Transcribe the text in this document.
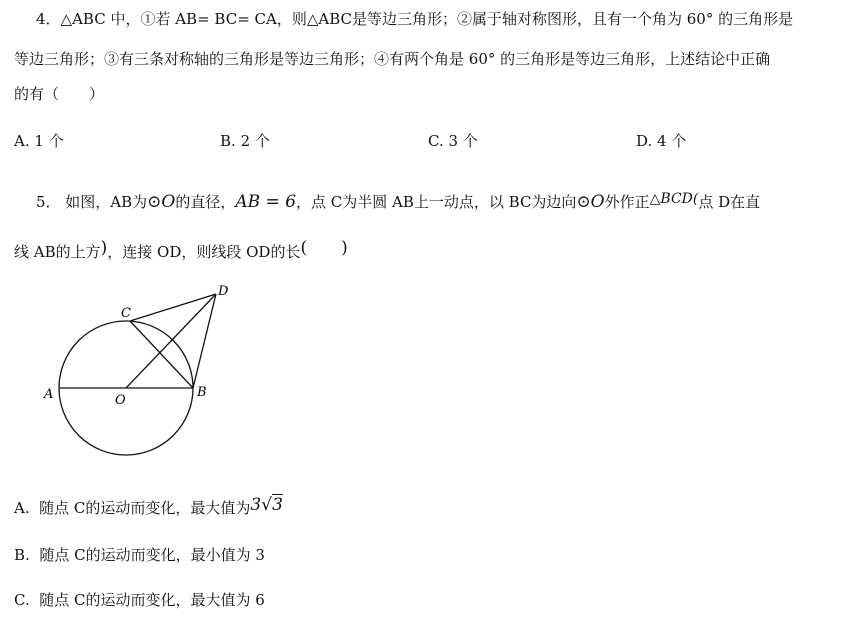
4．△ABC 中，①若 AB= BC= CA，则△ABC是等边三角形；②属于轴对称图形，且有一个角为 60° 的三角形是
等边三角形；③有三条对称轴的三角形是等边三角形；④有两个角是 60° 的三角形是等边三角形，上述结论中正确
的有（　　）
A. 1 个	B. 2 个	C. 3 个	D. 4 个
5． 如图，AB为⊙O的直径，AB = 6，点 C为半圆 AB上一动点，以 BC为边向⊙O外作正△BCD(点 D在直
线 AB的上方)，连接 OD，则线段 OD的长(　　)
A	O
B
C
D
A. 随点 C的运动而变化，最大值为3√3
B. 随点 C的运动而变化，最小值为 3
C. 随点 C的运动而变化，最大值为 6
